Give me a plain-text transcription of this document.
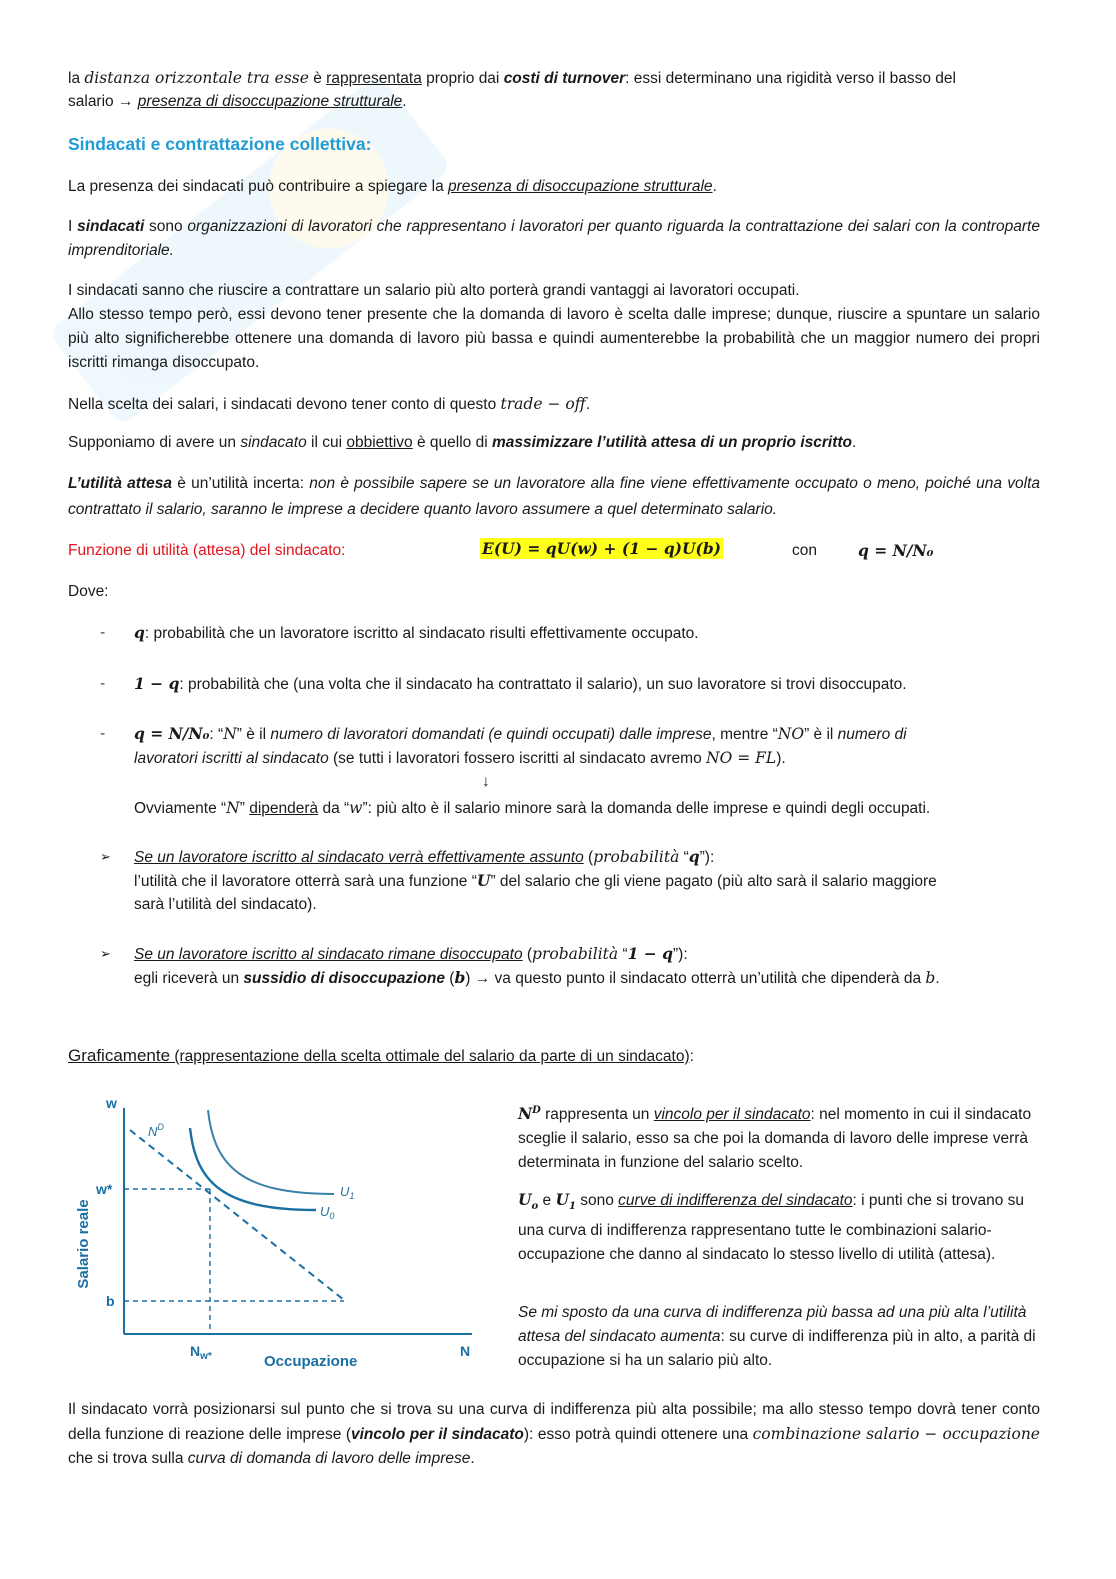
la distanza orizzontale tra esse è rappresentata proprio dai costi di turnover: essi determinano una rigidità verso il basso del
salario → presenza di disoccupazione strutturale.
Sindacati e contrattazione collettiva:
La presenza dei sindacati può contribuire a spiegare la presenza di disoccupazione strutturale.
I sindacati sono organizzazioni di lavoratori che rappresentano i lavoratori per quanto riguarda la contrattazione dei salari con la controparte imprenditoriale.
I sindacati sanno che riuscire a contrattare un salario più alto porterà grandi vantaggi ai lavoratori occupati.
Allo stesso tempo però, essi devono tener presente che la domanda di lavoro è scelta dalle imprese; dunque, riuscire a spuntare un salario più alto significherebbe ottenere una domanda di lavoro più bassa e quindi aumenterebbe la probabilità che un maggior numero dei propri iscritti rimanga disoccupato.
Nella scelta dei salari, i sindacati devono tener conto di questo trade − off.
Supponiamo di avere un sindacato il cui obbiettivo è quello di massimizzare l’utilità attesa di un proprio iscritto.
L’utilità attesa è un’utilità incerta: non è possibile sapere se un lavoratore alla fine viene effettivamente occupato o meno, poiché una volta contrattato il salario, saranno le imprese a decidere quanto lavoro assumere a quel determinato salario.
Funzione di utilità (attesa) del sindacato:	E(U) = qU(w) + (1 − q)U(b)	con	q = N/N₀
Dove:
- q: probabilità che un lavoratore iscritto al sindacato risulti effettivamente occupato.
- 1 − q: probabilità che (una volta che il sindacato ha contrattato il salario), un suo lavoratore si trovi disoccupato.
- q = N/N₀: “N” è il numero di lavoratori domandati (e quindi occupati) dalle imprese, mentre “NO” è il numero di
lavoratori iscritti al sindacato (se tutti i lavoratori fossero iscritti al sindacato avremo NO = FL).
↓
Ovviamente “N” dipenderà da “w”: più alto è il salario minore sarà la domanda delle imprese e quindi degli occupati.
➢ Se un lavoratore iscritto al sindacato verrà effettivamente assunto (probabilità “q”):
l’utilità che il lavoratore otterrà sarà una funzione “U” del salario che gli viene pagato (più alto sarà il salario maggiore
sarà l’utilità del sindacato).
➢ Se un lavoratore iscritto al sindacato rimane disoccupato (probabilità “1 − q”):
egli riceverà un sussidio di disoccupazione (b) → va questo punto il sindacato otterrà un’utilità che dipenderà da b.
Graficamente (rappresentazione della scelta ottimale del salario da parte di un sindacato):
w
Salario reale
w*
b
N
Occupazione
$N_{w*}$
$N^D$
$U_1$
$U_0$
$N^D$ rappresenta un vincolo per il sindacato: nel momento in cui il sindacato sceglie il salario, esso sa che poi la domanda di lavoro delle imprese verrà determinata in funzione del salario scelto.
$U_o$ e $U_1$ sono curve di indifferenza del sindacato: i punti che si trovano su una curva di indifferenza rappresentano tutte le combinazioni salario-occupazione che danno al sindacato lo stesso livello di utilità (attesa).
Se mi sposto da una curva di indifferenza più bassa ad una più alta l’utilità attesa del sindacato aumenta: su curve di indifferenza più in alto, a parità di occupazione si ha un salario più alto.
Il sindacato vorrà posizionarsi sul punto che si trova su una curva di indifferenza più alta possibile; ma allo stesso tempo dovrà tener conto della funzione di reazione delle imprese (vincolo per il sindacato): esso potrà quindi ottenere una combinazione salario − occupazione che si trova sulla curva di domanda di lavoro delle imprese.
